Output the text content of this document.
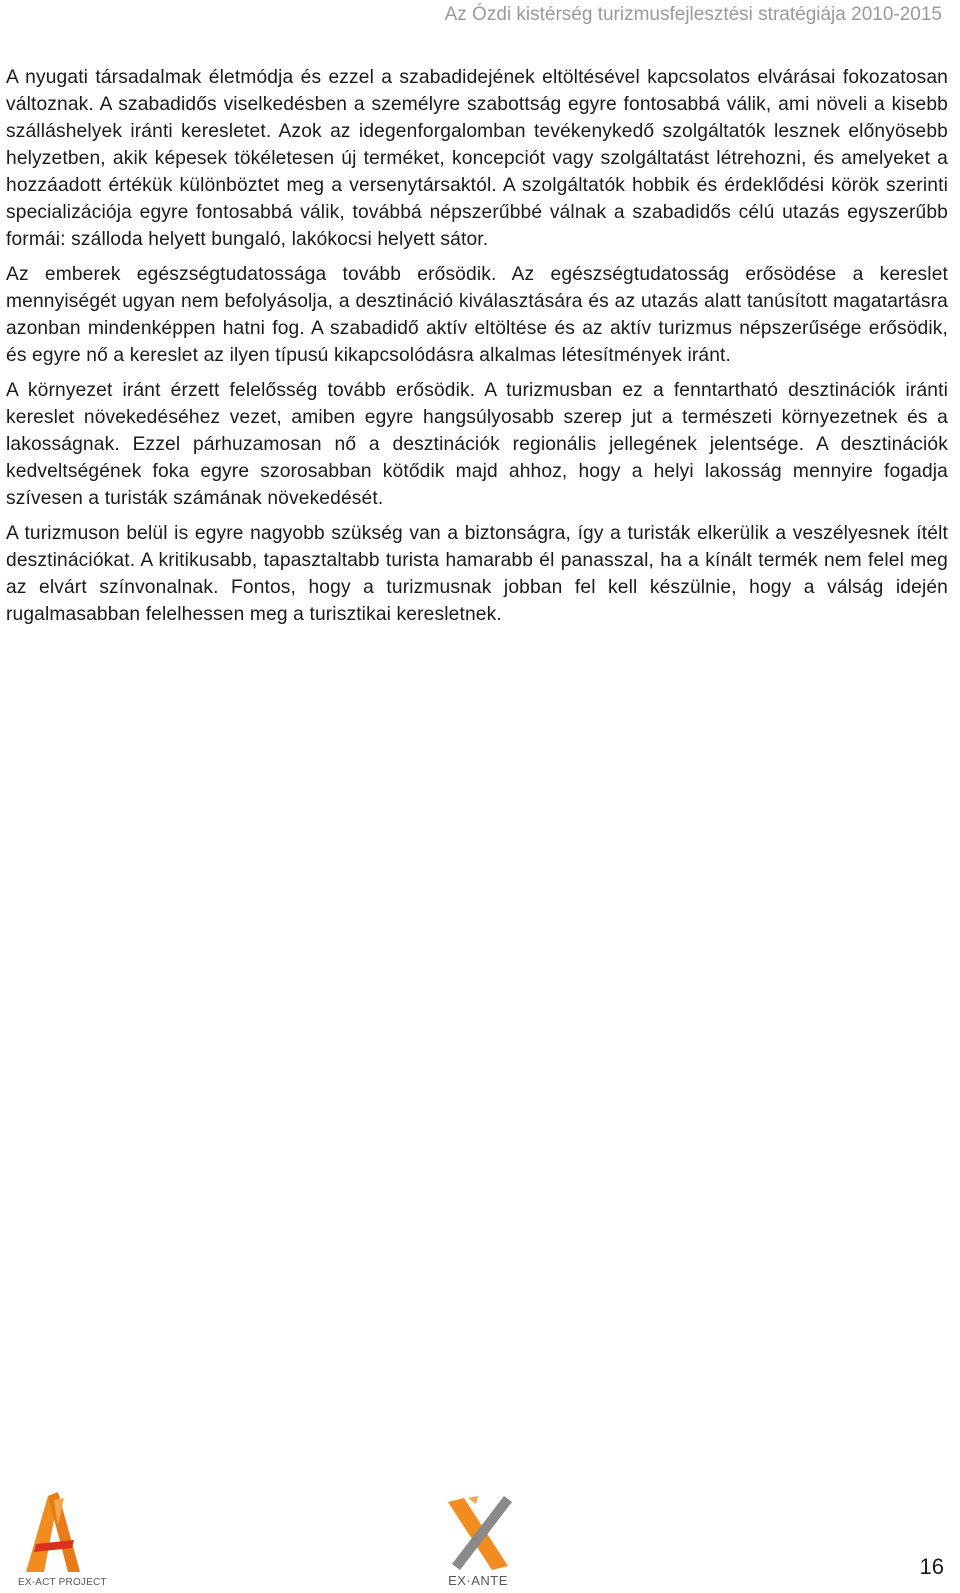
Az Ózdi kistérség turizmusfejlesztési stratégiája 2010-2015

A nyugati társadalmak életmódja és ezzel a szabadidejének eltöltésével kapcsolatos elvárásai fokozatosan változnak. A szabadidős viselkedésben a személyre szabottság egyre fontosabbá válik, ami növeli a kisebb szálláshelyek iránti keresletet. Azok az idegenforgalomban tevékenykedő szolgáltatók lesznek előnyösebb helyzetben, akik képesek tökéletesen új terméket, koncepciót vagy szolgáltatást létrehozni, és amelyeket a hozzáadott értékük különböztet meg a versenytársaktól. A szolgáltatók hobbik és érdeklődési körök szerinti specializációja egyre fontosabbá válik, továbbá népszerűbbé válnak a szabadidős célú utazás egyszerűbb formái: szálloda helyett bungaló, lakókocsi helyett sátor.

Az emberek egészségtudatossága tovább erősödik. Az egészségtudatosság erősödése a kereslet mennyiségét ugyan nem befolyásolja, a desztináció kiválasztására és az utazás alatt tanúsított magatartásra azonban mindenképpen hatni fog. A szabadidő aktív eltöltése és az aktív turizmus népszerűsége erősödik, és egyre nő a kereslet az ilyen típusú kikapcsolódásra alkalmas létesítmények iránt.

A környezet iránt érzett felelősség tovább erősödik. A turizmusban ez a fenntartható desztinációk iránti kereslet növekedéséhez vezet, amiben egyre hangsúlyosabb szerep jut a természeti környezetnek és a lakosságnak. Ezzel párhuzamosan nő a desztinációk regionális jellegének jelentsége. A desztinációk kedveltségének foka egyre szorosabban kötődik majd ahhoz, hogy a helyi lakosság mennyire fogadja szívesen a turisták számának növekedését.

A turizmuson belül is egyre nagyobb szükség van a biztonságra, így a turisták elkerülik a veszélyesnek ítélt desztinációkat. A kritikusabb, tapasztaltabb turista hamarabb él panasszal, ha a kínált termék nem felel meg az elvárt színvonalnak. Fontos, hogy a turizmusnak jobban fel kell készülnie, hogy a válság idején rugalmasabban felelhessen meg a turisztikai keresletnek.

EX-ACT PROJECT	EX·ANTE
16
